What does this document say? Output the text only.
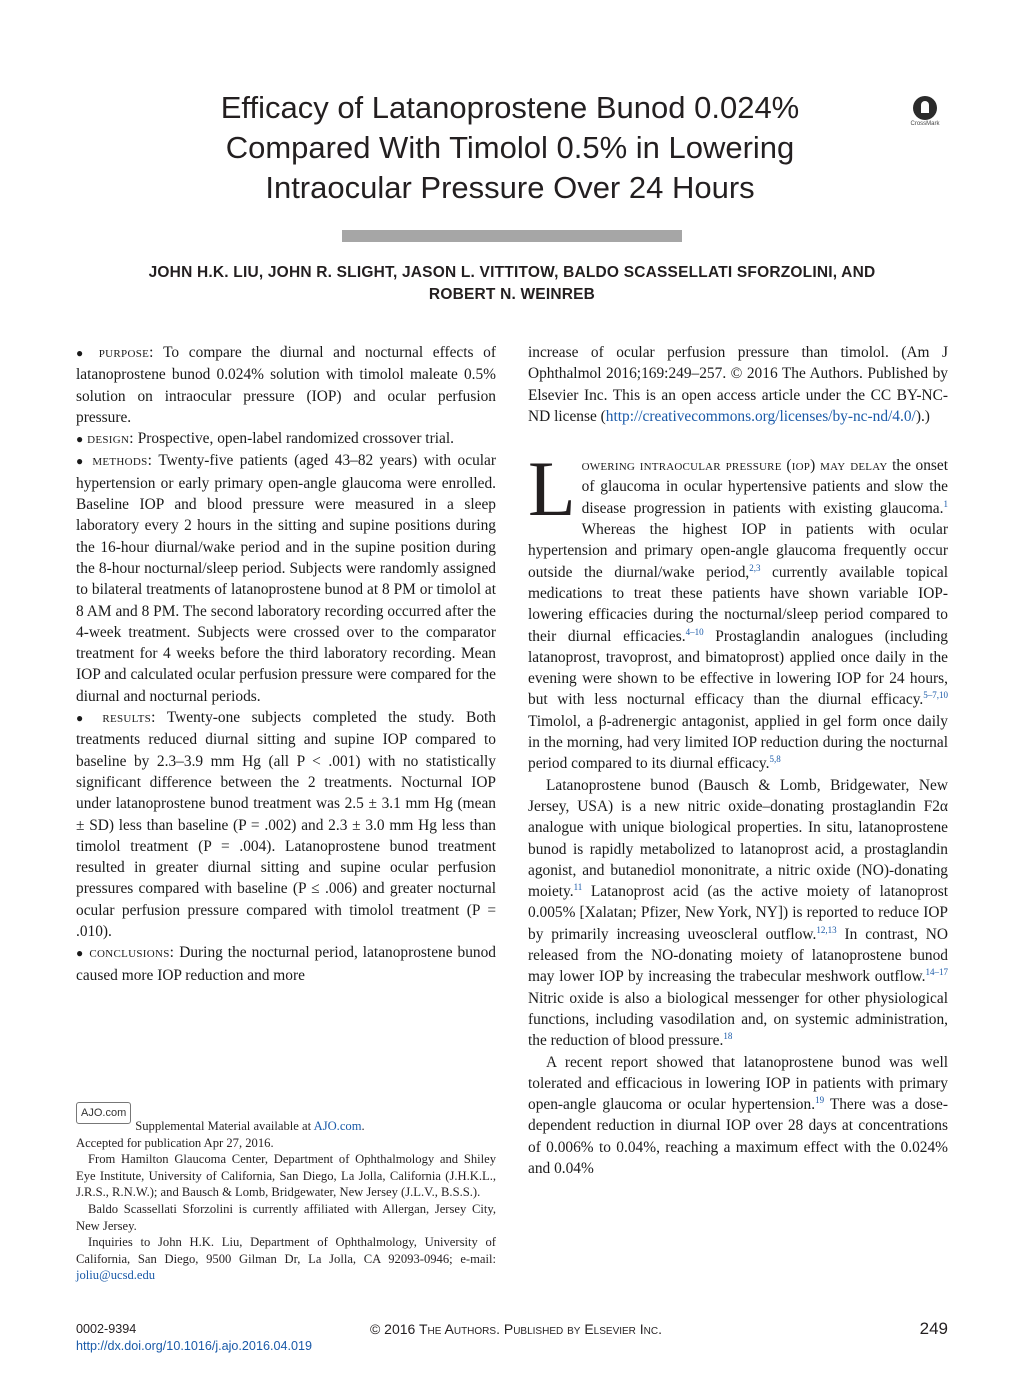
Efficacy of Latanoprostene Bunod 0.024%
Compared With Timolol 0.5% in Lowering
Intraocular Pressure Over 24 Hours
CrossMark
JOHN H.K. LIU, JOHN R. SLIGHT, JASON L. VITTITOW, BALDO SCASSELLATI SFORZOLINI, AND
ROBERT N. WEINREB
● purpose: To compare the diurnal and nocturnal effects of latanoprostene bunod 0.024% solution with timolol maleate 0.5% solution on intraocular pressure (IOP) and ocular perfusion pressure.
● design: Prospective, open-label randomized crossover trial.
● methods: Twenty-five patients (aged 43–82 years) with ocular hypertension or early primary open-angle glaucoma were enrolled. Baseline IOP and blood pressure were measured in a sleep laboratory every 2 hours in the sitting and supine positions during the 16-hour diurnal/wake period and in the supine position during the 8-hour nocturnal/sleep period. Subjects were randomly assigned to bilateral treatments of latanoprostene bunod at 8 PM or timolol at 8 AM and 8 PM. The second laboratory recording occurred after the 4-week treatment. Subjects were crossed over to the comparator treatment for 4 weeks before the third laboratory recording. Mean IOP and calculated ocular perfusion pressure were compared for the diurnal and nocturnal periods.
● results: Twenty-one subjects completed the study. Both treatments reduced diurnal sitting and supine IOP compared to baseline by 2.3–3.9 mm Hg (all P < .001) with no statistically significant difference between the 2 treatments. Nocturnal IOP under latanoprostene bunod treatment was 2.5 ± 3.1 mm Hg (mean ± SD) less than baseline (P = .002) and 2.3 ± 3.0 mm Hg less than timolol treatment (P = .004). Latanoprostene bunod treatment resulted in greater diurnal sitting and supine ocular perfusion pressures compared with baseline (P ≤ .006) and greater nocturnal ocular perfusion pressure compared with timolol treatment (P = .010).
● conclusions: During the nocturnal period, latanoprostene bunod caused more IOP reduction and more
AJO.com
Supplemental Material available at AJO.com.
Accepted for publication Apr 27, 2016.
From Hamilton Glaucoma Center, Department of Ophthalmology and Shiley Eye Institute, University of California, San Diego, La Jolla, California (J.H.K.L., J.R.S., R.N.W.); and Bausch & Lomb, Bridgewater, New Jersey (J.L.V., B.S.S.).
Baldo Scassellati Sforzolini is currently affiliated with Allergan, Jersey City, New Jersey.
Inquiries to John H.K. Liu, Department of Ophthalmology, University of California, San Diego, 9500 Gilman Dr, La Jolla, CA 92093-0946; e-mail: joliu@ucsd.edu
increase of ocular perfusion pressure than timolol. (Am J Ophthalmol 2016;169:249–257. © 2016 The Authors. Published by Elsevier Inc. This is an open access article under the CC BY-NC-ND license (http://creativecommons.org/licenses/by-nc-nd/4.0/).)
L owering intraocular pressure (iop) may delay the onset of glaucoma in ocular hypertensive patients and slow the disease progression in patients with existing glaucoma.$^1$ Whereas the highest IOP in patients with ocular hypertension and primary open-angle glaucoma frequently occur outside the diurnal/wake period,$^{2,3}$ currently available topical medications to treat these patients have shown variable IOP-lowering efficacies during the nocturnal/sleep period compared to their diurnal efficacies.$^{4-10}$ Prostaglandin analogues (including latanoprost, travoprost, and bimatoprost) applied once daily in the evening were shown to be effective in lowering IOP for 24 hours, but with less nocturnal efficacy than the diurnal efficacy.$^{5-7,10}$ Timolol, a β-adrenergic antagonist, applied in gel form once daily in the morning, had very limited IOP reduction during the nocturnal period compared to its diurnal efficacy.$^{5,8}$
Latanoprostene bunod (Bausch & Lomb, Bridgewater, New Jersey, USA) is a new nitric oxide–donating prostaglandin F2α analogue with unique biological properties. In situ, latanoprostene bunod is rapidly metabolized to latanoprost acid, a prostaglandin agonist, and butanediol mononitrate, a nitric oxide (NO)-donating moiety.$^{11}$ Latanoprost acid (as the active moiety of latanoprost 0.005% [Xalatan; Pfizer, New York, NY]) is reported to reduce IOP by primarily increasing uveoscleral outflow.$^{12,13}$ In contrast, NO released from the NO-donating moiety of latanoprostene bunod may lower IOP by increasing the trabecular meshwork outflow.$^{14-17}$ Nitric oxide is also a biological messenger for other physiological functions, including vasodilation and, on systemic administration, the reduction of blood pressure.$^{18}$
A recent report showed that latanoprostene bunod was well tolerated and efficacious in lowering IOP in patients with primary open-angle glaucoma or ocular hypertension.$^{19}$ There was a dose-dependent reduction in diurnal IOP over 28 days at concentrations of 0.006% to 0.04%, reaching a maximum effect with the 0.024% and 0.04%
0002-9394
http://dx.doi.org/10.1016/j.ajo.2016.04.019
© 2016 The Authors. Published by Elsevier Inc.	249
